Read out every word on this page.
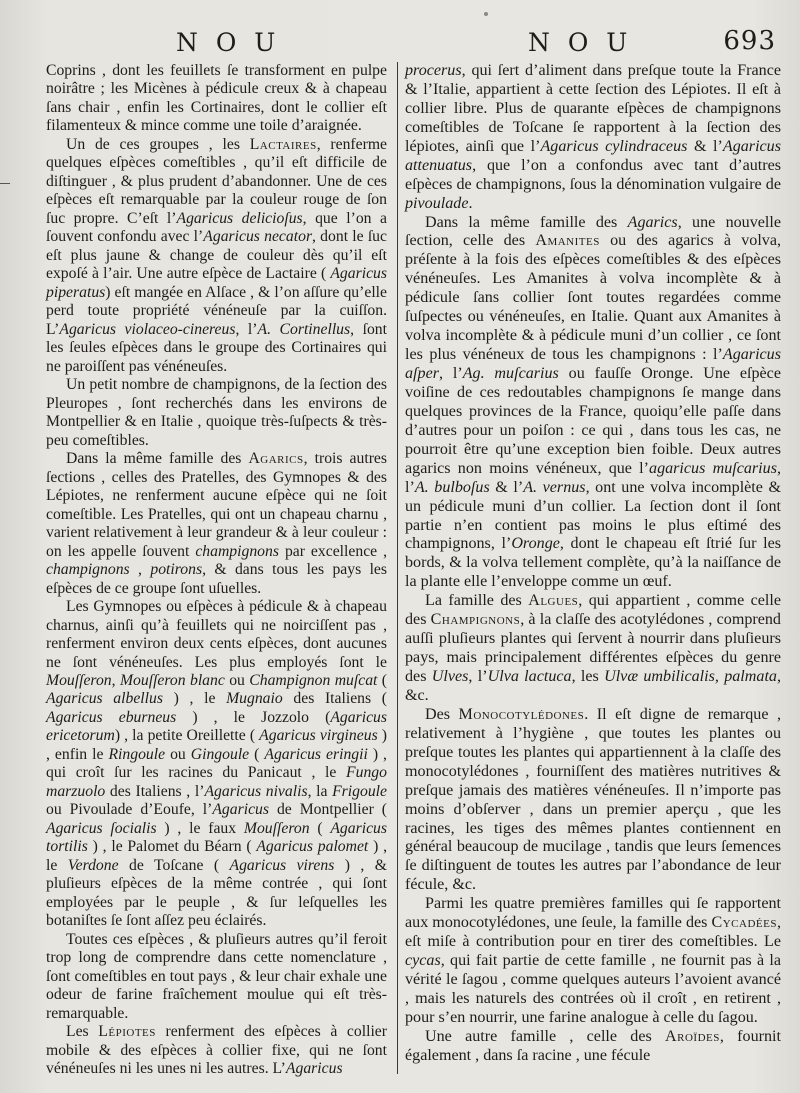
N O U	N O U	693

Coprins , dont les feuillets ſe transforment en pulpe noirâtre ; les Micènes à pédicule creux & à chapeau ſans chair , enfin les Cortinaires, dont le collier eſt filamenteux & mince comme une toile d’araignée.

Un de ces groupes , les Lactaires, renferme quelques eſpèces comeſtibles , qu’il eſt difficile de diſtinguer , & plus prudent d’abandonner. Une de ces eſpèces eſt remarquable par la couleur rouge de ſon ſuc propre. C’eſt l’Agaricus delicioſus, que l’on a ſouvent confondu avec l’Agaricus necator, dont le ſuc eſt plus jaune & change de couleur dès qu’il eſt expoſé à l’air. Une autre eſpèce de Lactaire ( Agaricus piperatus) eſt mangée en Alſace , & l’on aſſure qu’elle perd toute propriété vénéneuſe par la cuiſſon. L’Agaricus violaceo-cinereus, l’A. Cortinellus, ſont les ſeules eſpèces dans le groupe des Cortinaires qui ne paroiſſent pas vénéneuſes.

Un petit nombre de champignons, de la ſection des Pleuropes , ſont recherchés dans les environs de Montpellier & en Italie , quoique très-ſuſpects & très-peu comeſtibles.

Dans la même famille des Agarics, trois autres ſections , celles des Pratelles, des Gymnopes & des Lépiotes, ne renferment aucune eſpèce qui ne ſoit comeſtible. Les Pratelles, qui ont un chapeau charnu , varient relativement à leur grandeur & à leur couleur : on les appelle ſouvent champignons par excellence , champignons , potirons, & dans tous les pays les eſpèces de ce groupe ſont uſuelles.

Les Gymnopes ou eſpèces à pédicule & à chapeau charnus, ainſi qu’à feuillets qui ne noirciſſent pas , renferment environ deux cents eſpèces, dont aucunes ne ſont vénéneuſes. Les plus employés ſont le Mouſſeron, Mouſſeron blanc ou Champignon muſcat ( Agaricus albellus ) , le Mugnaio des Italiens ( Agaricus eburneus ) , le Jozzolo (Agaricus ericetorum) , la petite Oreillette ( Agaricus virgineus ) , enfin le Ringoule ou Gingoule ( Agaricus eringii ) , qui croît ſur les racines du Panicaut , le Fungo marzuolo des Italiens , l’Agaricus nivalis, la Frigoule ou Pivoulade d’Eoufe, l’Agaricus de Montpellier ( Agaricus ſocialis ) , le faux Mouſſeron ( Agaricus tortilis ) , le Palomet du Béarn ( Agaricus palomet ) , le Verdone de Toſcane ( Agaricus virens ) , & pluſieurs eſpèces de la même contrée , qui ſont employées par le peuple , & ſur leſquelles les botaniſtes ſe ſont aſſez peu éclairés.

Toutes ces eſpèces , & pluſieurs autres qu’il feroit trop long de comprendre dans cette nomenclature , ſont comeſtibles en tout pays , & leur chair exhale une odeur de farine fraîchement moulue qui eſt très-remarquable.

Les Lépiotes renferment des eſpèces à collier mobile & des eſpèces à collier fixe, qui ne ſont vénéneuſes ni les unes ni les autres. L’Agaricus

procerus, qui ſert d’aliment dans preſque toute la France & l’Italie, appartient à cette ſection des Lépiotes. Il eſt à collier libre. Plus de quarante eſpèces de champignons comeſtibles de Toſcane ſe rapportent à la ſection des lépiotes, ainſi que l’Agaricus cylindraceus & l’Agaricus attenuatus, que l’on a confondus avec tant d’autres eſpèces de champignons, ſous la dénomination vulgaire de pivoulade.

Dans la même famille des Agarics, une nouvelle ſection, celle des Amanites ou des agarics à volva, préſente à la fois des eſpèces comeſtibles & des eſpèces vénéneuſes. Les Amanites à volva incomplète & à pédicule ſans collier ſont toutes regardées comme ſuſpectes ou vénéneuſes, en Italie. Quant aux Amanites à volva incomplète & à pédicule muni d’un collier , ce ſont les plus vénéneux de tous les champignons : l’Agaricus aſper, l’Ag. muſcarius ou fauſſe Oronge. Une eſpèce voiſine de ces redoutables champignons ſe mange dans quelques provinces de la France, quoiqu’elle paſſe dans d’autres pour un poiſon : ce qui , dans tous les cas, ne pourroit être qu’une exception bien foible. Deux autres agarics non moins vénéneux, que l’agaricus muſcarius, l’A. bulboſus & l’A. vernus, ont une volva incomplète & un pédicule muni d’un collier. La ſection dont il ſont partie n’en contient pas moins le plus eſtimé des champignons, l’Oronge, dont le chapeau eſt ſtrié ſur les bords, & la volva tellement complète, qu’à la naiſſance de la plante elle l’enveloppe comme un œuf.

La famille des Algues, qui appartient , comme celle des Champignons, à la claſſe des acotylédones , comprend auſſi pluſieurs plantes qui ſervent à nourrir dans pluſieurs pays, mais principalement différentes eſpèces du genre des Ulves, l’Ulva lactuca, les Ulvæ umbilicalis, palmata, &c.

Des Monocotylédones. Il eſt digne de remarque , relativement à l’hygiène , que toutes les plantes ou preſque toutes les plantes qui appartiennent à la claſſe des monocotylédones , fourniſſent des matières nutritives & preſque jamais des matières vénéneuſes. Il n’importe pas moins d’obſerver , dans un premier aperçu , que les racines, les tiges des mêmes plantes contiennent en général beaucoup de mucilage , tandis que leurs ſemences ſe diſtinguent de toutes les autres par l’abondance de leur fécule, &c.

Parmi les quatre premières familles qui ſe rapportent aux monocotylédones, une ſeule, la famille des Cycadées, eſt miſe à contribution pour en tirer des comeſtibles. Le cycas, qui fait partie de cette famille , ne fournit pas à la vérité le ſagou , comme quelques auteurs l’avoient avancé , mais les naturels des contrées où il croît , en retirent , pour s’en nourrir, une farine analogue à celle du ſagou.

Une autre famille , celle des Aroïdes, fournit également , dans ſa racine , une fécule
